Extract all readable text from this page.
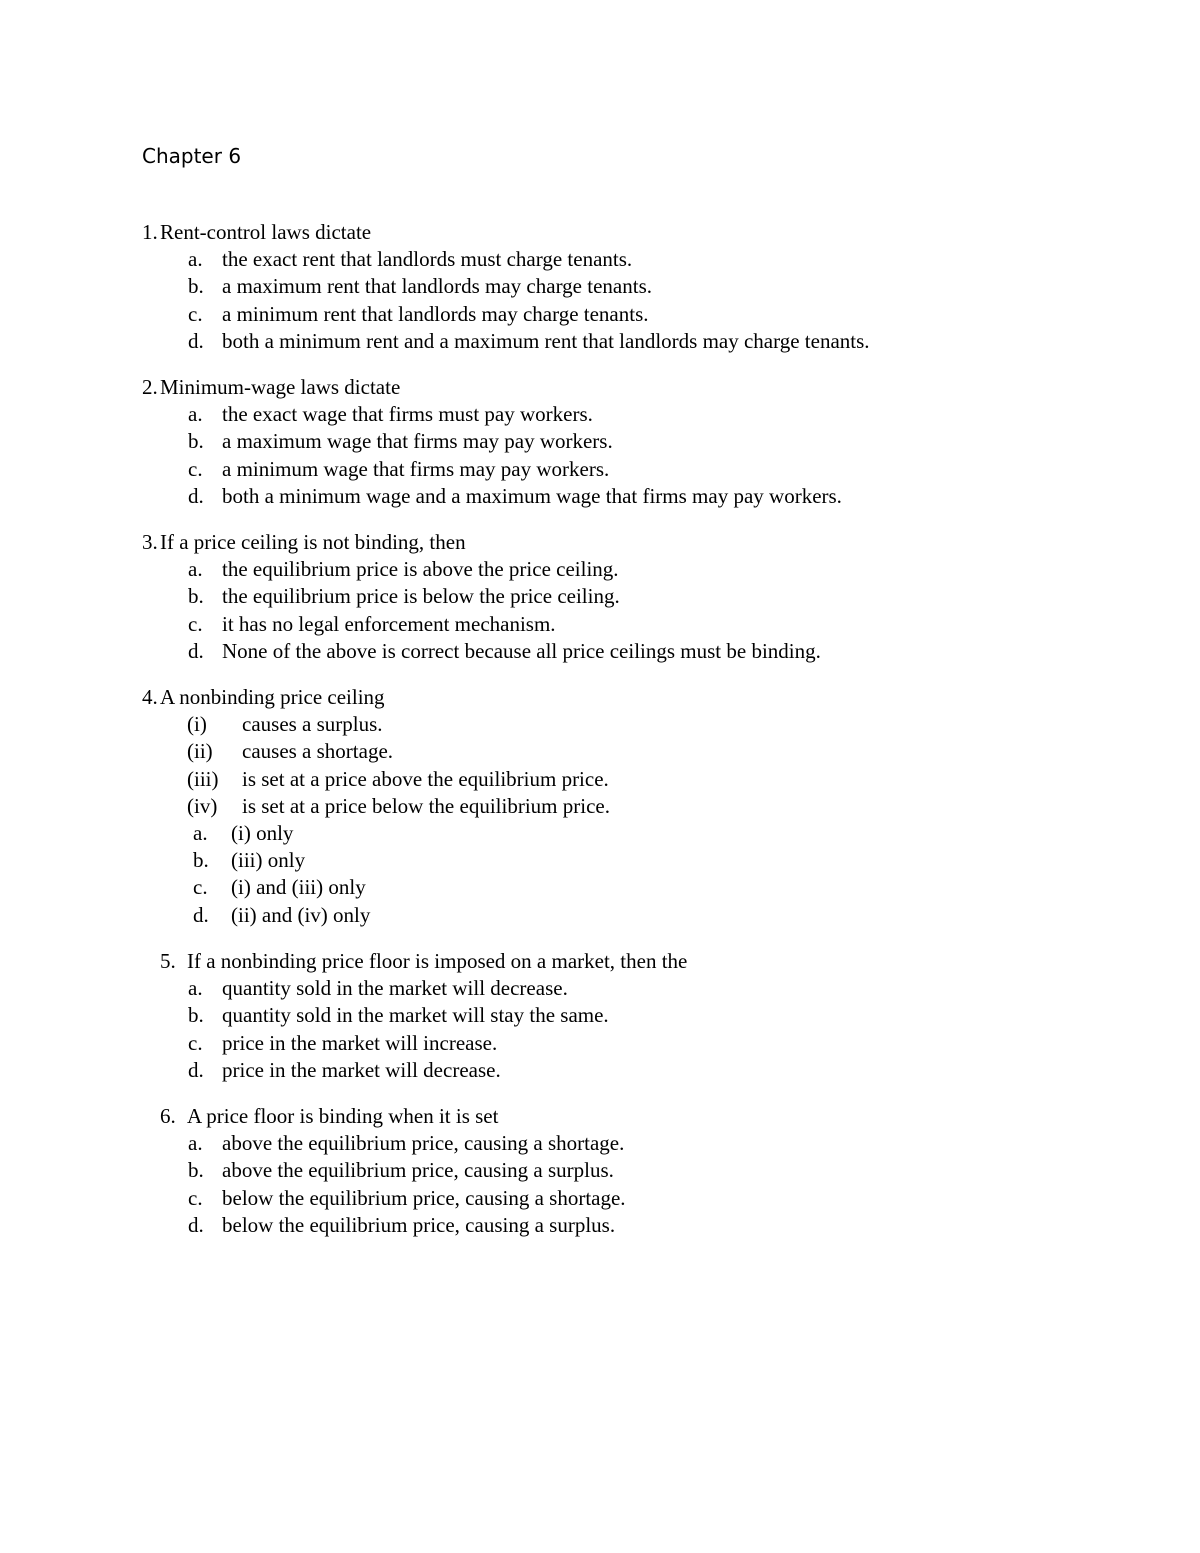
Chapter 6
1. Rent-control laws dictate
a. the exact rent that landlords must charge tenants.
b. a maximum rent that landlords may charge tenants.
c. a minimum rent that landlords may charge tenants.
d. both a minimum rent and a maximum rent that landlords may charge tenants.
2. Minimum-wage laws dictate
a. the exact wage that firms must pay workers.
b. a maximum wage that firms may pay workers.
c. a minimum wage that firms may pay workers.
d. both a minimum wage and a maximum wage that firms may pay workers.
3. If a price ceiling is not binding, then
a. the equilibrium price is above the price ceiling.
b. the equilibrium price is below the price ceiling.
c. it has no legal enforcement mechanism.
d. None of the above is correct because all price ceilings must be binding.
4. A nonbinding price ceiling
(i) causes a surplus.
(ii) causes a shortage.
(iii) is set at a price above the equilibrium price.
(iv) is set at a price below the equilibrium price.
a. (i) only
b. (iii) only
c. (i) and (iii) only
d. (ii) and (iv) only
5. If a nonbinding price floor is imposed on a market, then the
a. quantity sold in the market will decrease.
b. quantity sold in the market will stay the same.
c. price in the market will increase.
d. price in the market will decrease.
6. A price floor is binding when it is set
a. above the equilibrium price, causing a shortage.
b. above the equilibrium price, causing a surplus.
c. below the equilibrium price, causing a shortage.
d. below the equilibrium price, causing a surplus.
